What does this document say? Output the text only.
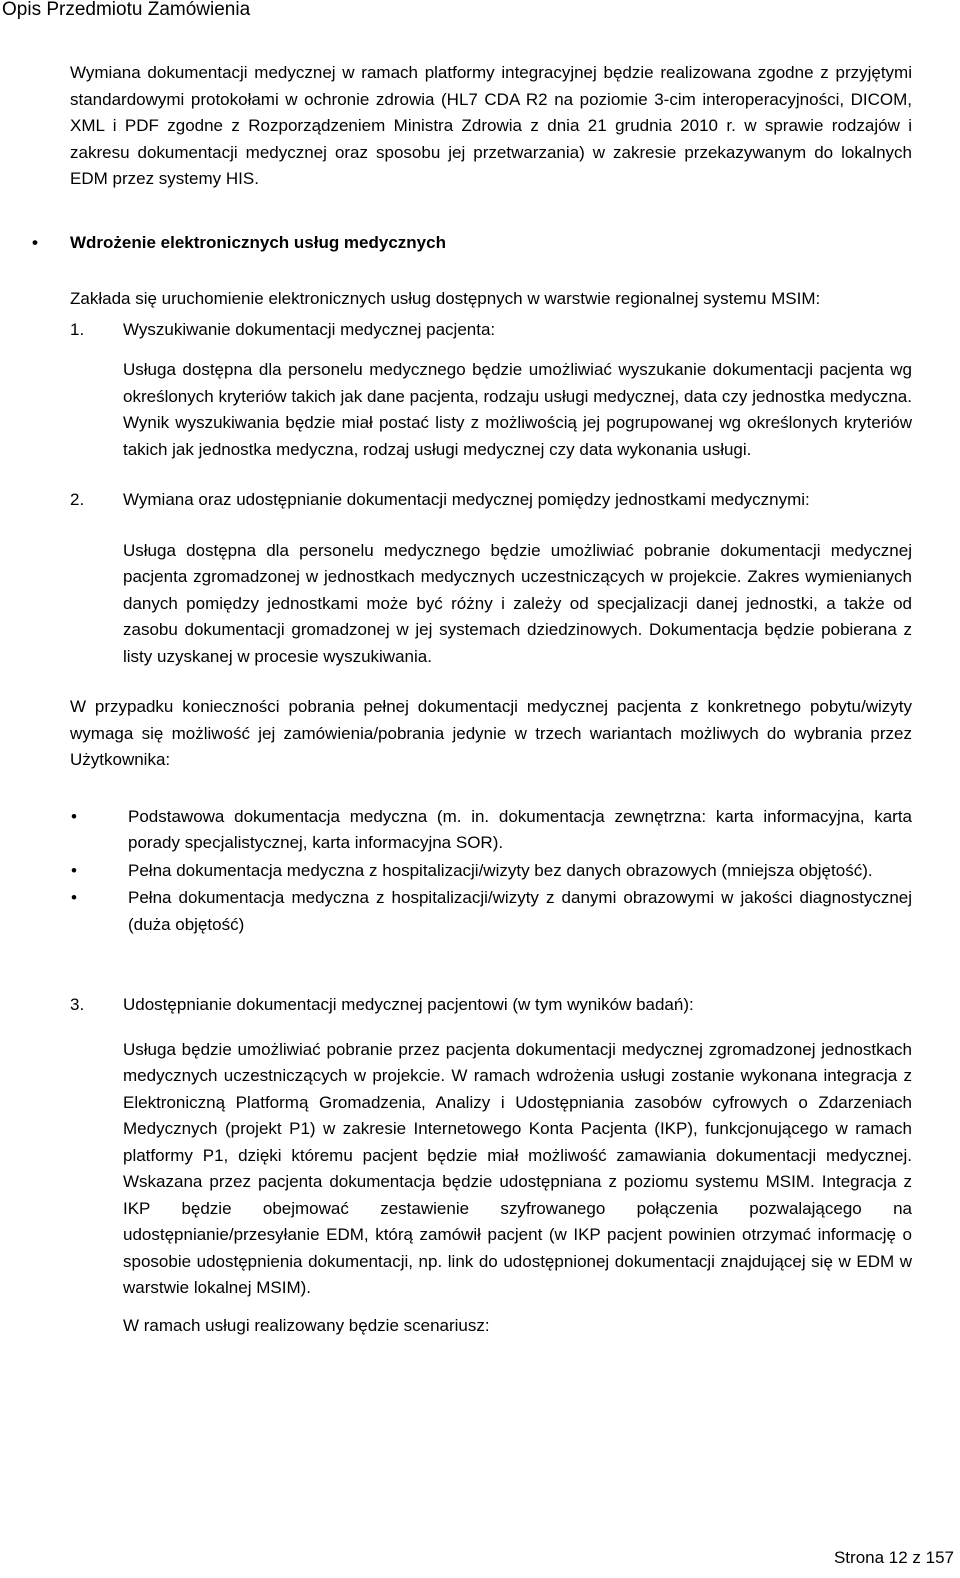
Opis Przedmiotu Zamówienia

Wymiana dokumentacji medycznej w ramach platformy integracyjnej będzie realizowana zgodne z przyjętymi standardowymi protokołami w ochronie zdrowia (HL7 CDA R2 na poziomie 3-cim interoperacyjności, DICOM, XML i PDF zgodne z Rozporządzeniem Ministra Zdrowia z dnia 21 grudnia 2010 r. w sprawie rodzajów i zakresu dokumentacji medycznej oraz sposobu jej przetwarzania) w zakresie przekazywanym do lokalnych EDM przez systemy HIS.

• Wdrożenie elektronicznych usług medycznych

Zakłada się uruchomienie elektronicznych usług dostępnych w warstwie regionalnej systemu MSIM:

1. Wyszukiwanie dokumentacji medycznej pacjenta:

Usługa dostępna dla personelu medycznego będzie umożliwiać wyszukanie dokumentacji pacjenta wg określonych kryteriów takich jak dane pacjenta, rodzaju usługi medycznej, data czy jednostka medyczna. Wynik wyszukiwania będzie miał postać listy z możliwością jej pogrupowanej wg określonych kryteriów takich jak jednostka medyczna, rodzaj usługi medycznej czy data wykonania usługi.

2. Wymiana oraz udostępnianie dokumentacji medycznej pomiędzy jednostkami medycznymi:

Usługa dostępna dla personelu medycznego będzie umożliwiać pobranie dokumentacji medycznej pacjenta zgromadzonej w jednostkach medycznych uczestniczących w projekcie. Zakres wymienianych danych pomiędzy jednostkami może być różny i zależy od specjalizacji danej jednostki, a także od zasobu dokumentacji gromadzonej w jej systemach dziedzinowych. Dokumentacja będzie pobierana z listy uzyskanej w procesie wyszukiwania.

W przypadku konieczności pobrania pełnej dokumentacji medycznej pacjenta z konkretnego pobytu/wizyty wymaga się możliwość jej zamówienia/pobrania jedynie w trzech wariantach możliwych do wybrania przez Użytkownika:

•	Podstawowa dokumentacja medyczna (m. in. dokumentacja zewnętrzna: karta informacyjna, karta porady specjalistycznej, karta informacyjna SOR).

•	Pełna dokumentacja medyczna z hospitalizacji/wizyty bez danych obrazowych (mniejsza objętość).

•	Pełna dokumentacja medyczna z hospitalizacji/wizyty z danymi obrazowymi w jakości diagnostycznej (duża objętość)

3. Udostępnianie dokumentacji medycznej pacjentowi (w tym wyników badań):

Usługa będzie umożliwiać pobranie przez pacjenta dokumentacji medycznej zgromadzonej jednostkach medycznych uczestniczących w projekcie. W ramach wdrożenia usługi zostanie wykonana integracja z Elektroniczną Platformą Gromadzenia, Analizy i Udostępniania zasobów cyfrowych o Zdarzeniach Medycznych (projekt P1) w zakresie Internetowego Konta Pacjenta (IKP), funkcjonującego w ramach platformy P1, dzięki któremu pacjent będzie miał możliwość zamawiania dokumentacji medycznej. Wskazana przez pacjenta dokumentacja będzie udostępniana z poziomu systemu MSIM. Integracja z IKP będzie obejmować zestawienie szyfrowanego połączenia pozwalającego na udostępnianie/przesyłanie EDM, którą zamówił pacjent (w IKP pacjent powinien otrzymać informację o sposobie udostępnienia dokumentacji, np. link do udostępnionej dokumentacji znajdującej się w EDM w warstwie lokalnej MSIM).

W ramach usługi realizowany będzie scenariusz:

Strona 12 z 157
